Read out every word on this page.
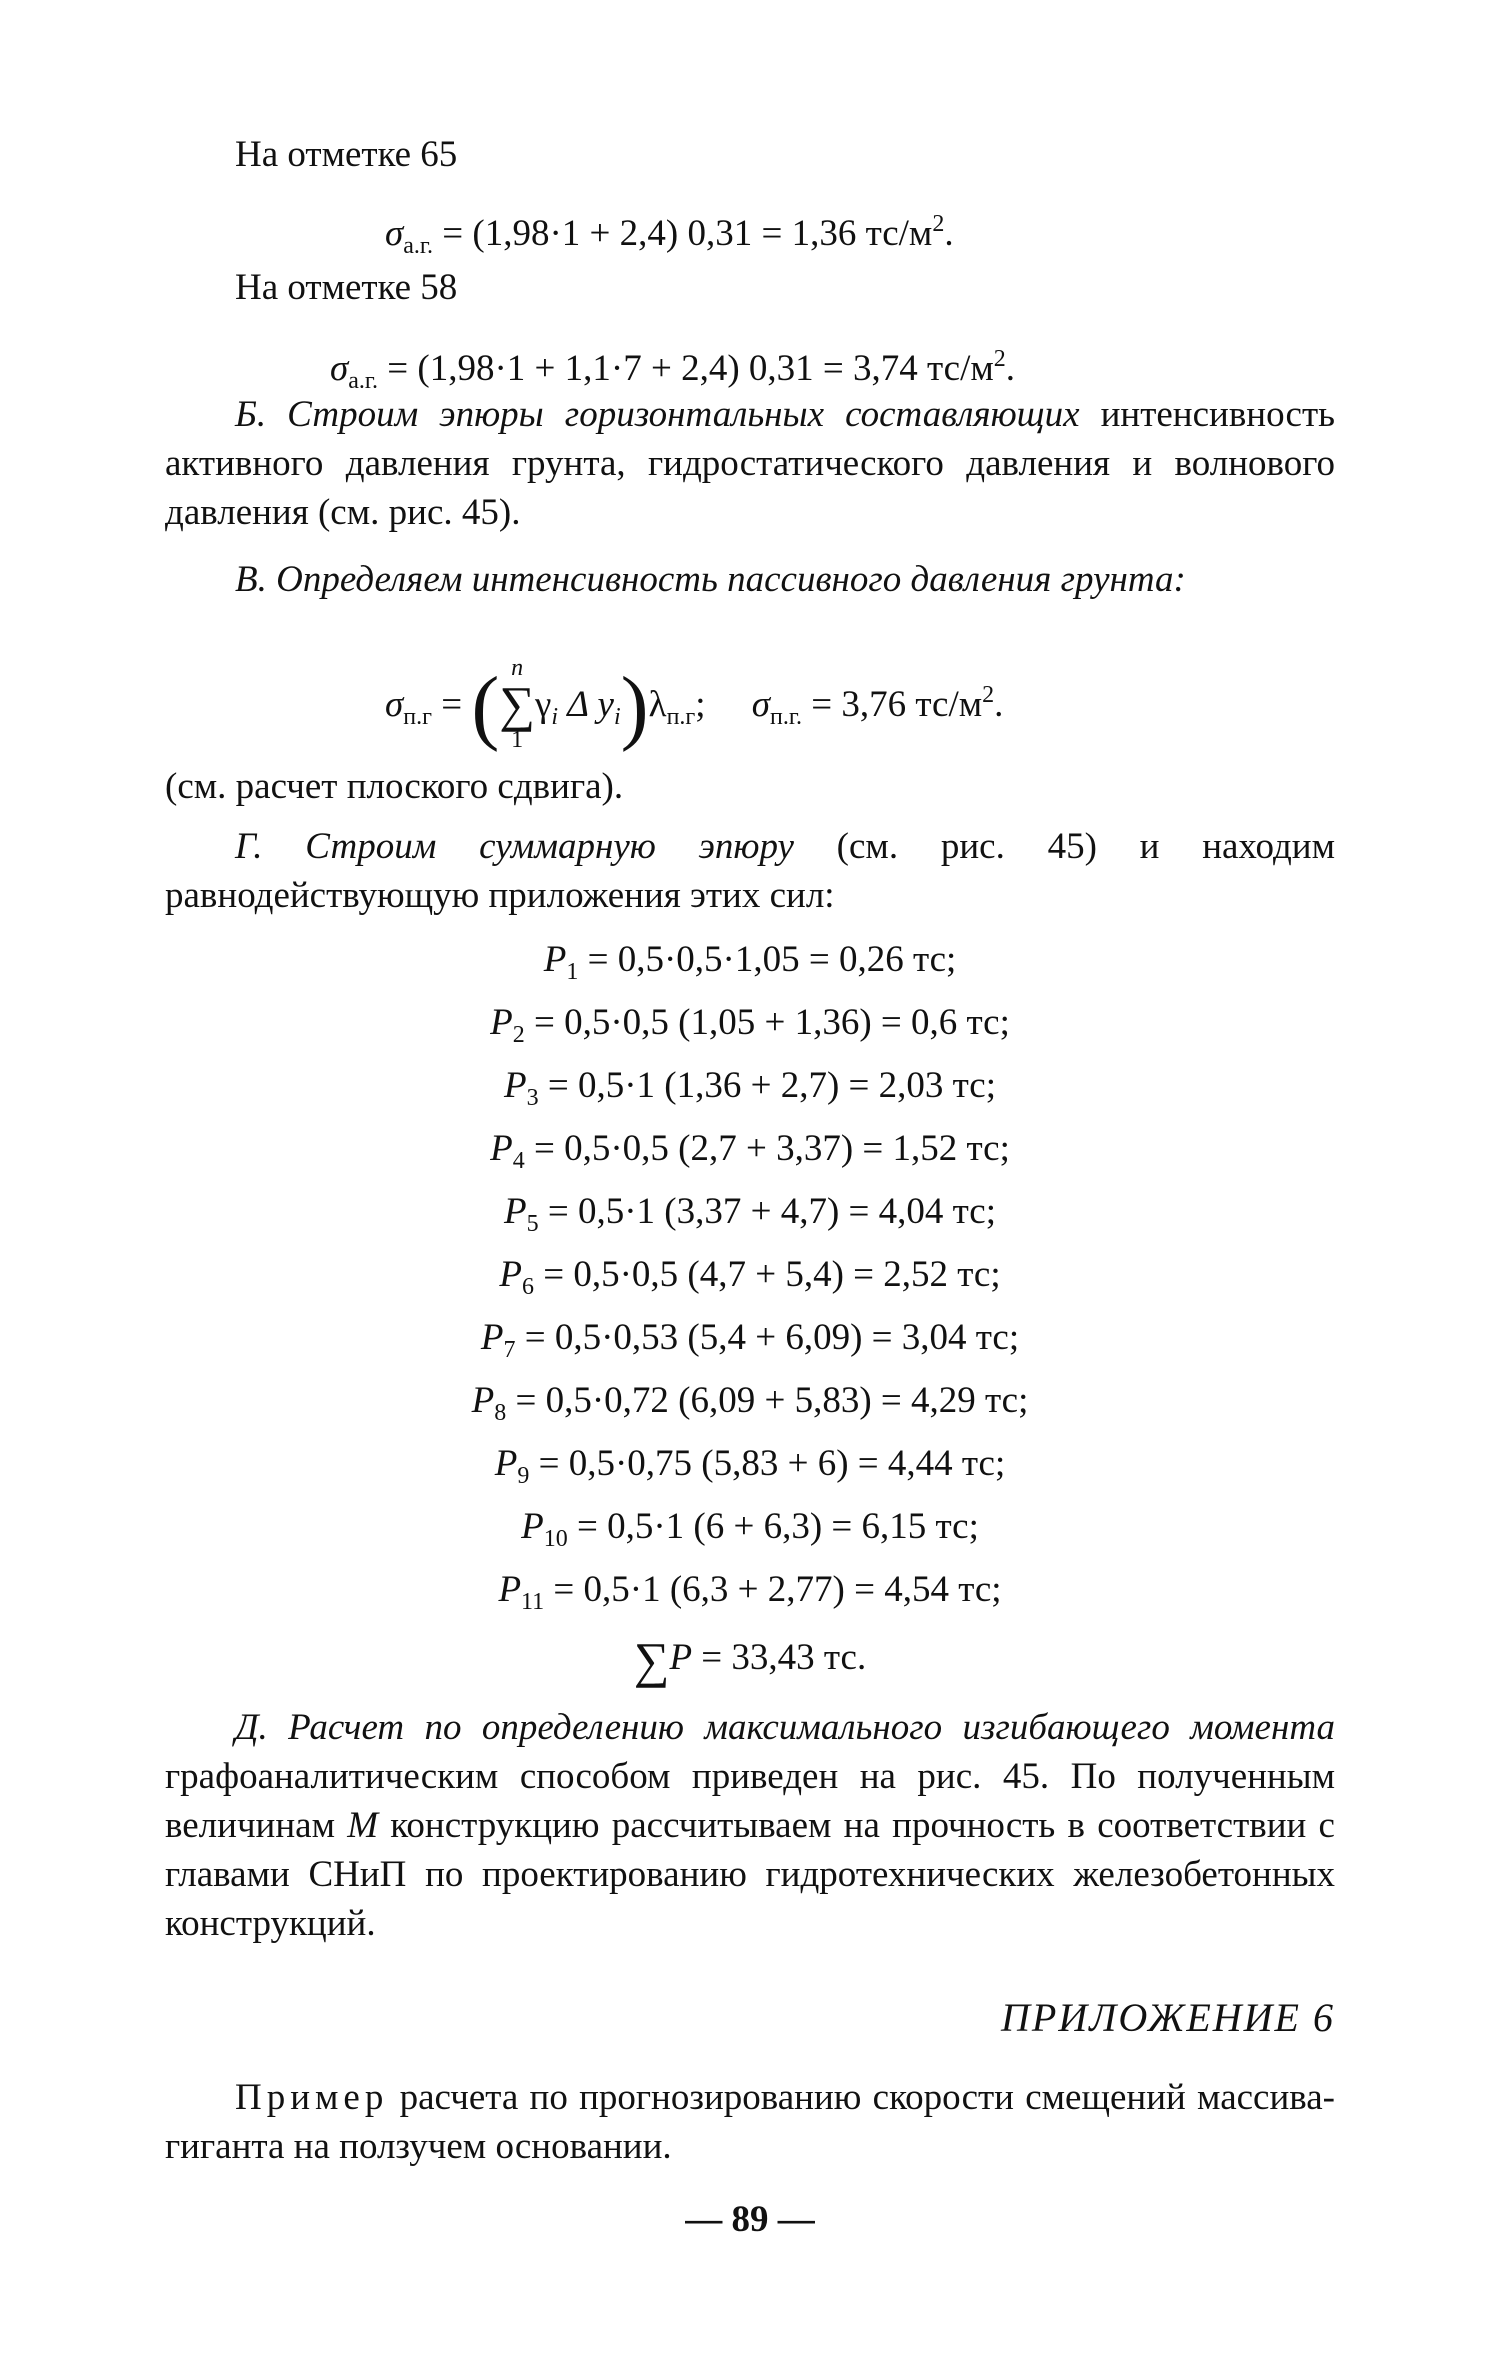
На отметке 65

$\sigma_{а.г.} = (1,98\cdot 1 + 2,4) 0,31 = 1,36$ $тс/м^2$.

На отметке 58

$\sigma_{а.г.} = (1,98\cdot 1 + 1,1\cdot 7 + 2,4) 0,31 = 3,74$ $тс/м^2$.

Б. Строим эпюры горизонтальных составляющих интенсивность активного давления грунта, гидростатического давления и волнового давления (см. рис. 45).

В. Определяем интенсивность пассивного давления грунта:

$\sigma_{п.г}$ = ( n
∑
1
$\gamma_i$ Δ $y_i)\lambda_{п.г}$; $\sigma_{п.г.} = 3,76$ $тс/м^2$.

(см. расчет плоского сдвига).

Г. Строим суммарную эпюру (см. рис. 45) и находим равнодействующую приложения этих сил:

$P_1 = 0,5\cdot 0,5\cdot 1,05 = 0,26$ тс;

$P_2 = 0,5\cdot 0,5$ (1,05 + 1,36) = 0,6 тс;

$P_3 = 0,5\cdot 1$ (1,36 + 2,7) = 2,03 тс;

$P_4 = 0,5\cdot 0,5$ (2,7 + 3,37) = 1,52 тс;

$P_5 = 0,5\cdot 1$ (3,37 + 4,7) = 4,04 тс;

$P_6 = 0,5\cdot 0,5$ (4,7 + 5,4) = 2,52 тс;

$P_7 = 0,5\cdot 0,53$ (5,4 + 6,09) = 3,04 тс;

$P_8 = 0,5\cdot 0,72$ (6,09 + 5,83) = 4,29 тс;

$P_9 = 0,5\cdot 0,75$ (5,83 + 6) = 4,44 тс;

$P_{10} = 0,5\cdot 1$ (6 + 6,3) = 6,15 тс;

$P_{11} = 0,5\cdot 1$ (6,3 + 2,77) = 4,54 тс;

∑P = 33,43 тс.

Д. Расчет по определению максимального изгибающего момента графоаналитическим способом приведен на рис. 45. По полученным величинам M конструкцию рассчитываем на прочность в соответствии с главами СНиП по проектированию гидротехнических железобетонных конструкций.

ПРИЛОЖЕНИЕ 6

Пример расчета по прогнозированию скорости смещений массива-гиганта на ползучем основании.

— 89 —
